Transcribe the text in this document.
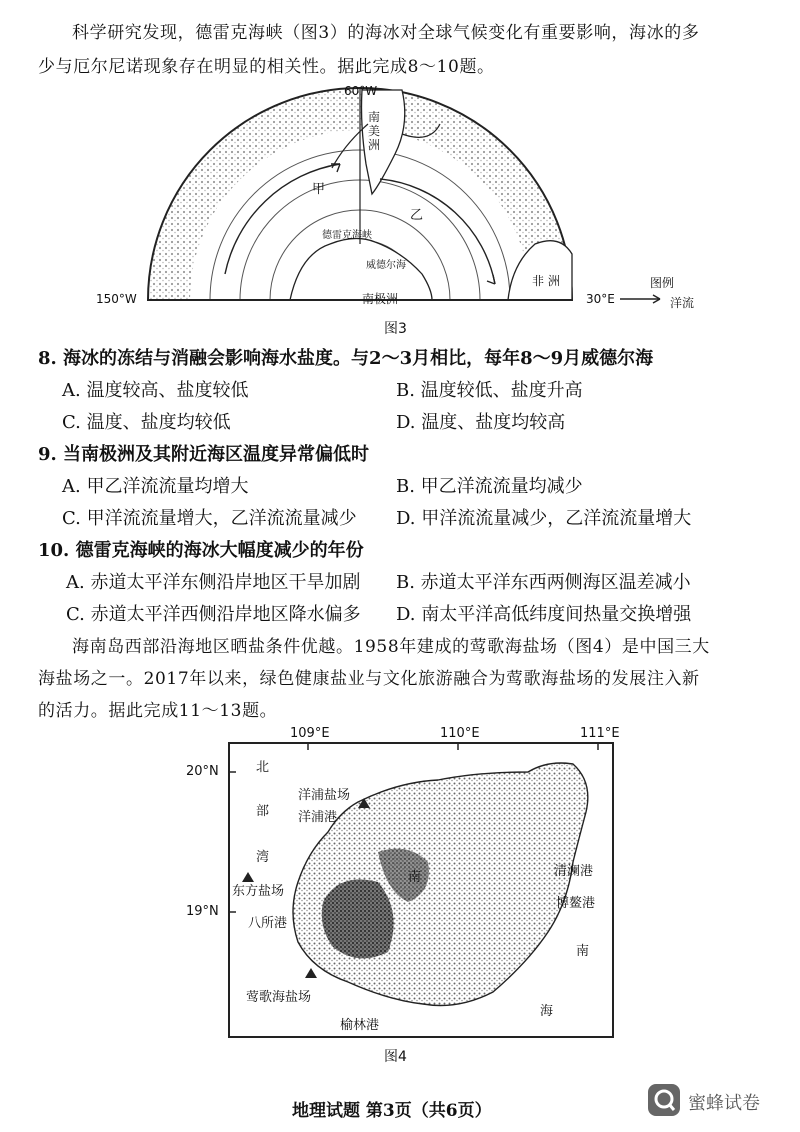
科学研究发现，德雷克海峡（图3）的海冰对全球气候变化有重要影响，海冰的多
少与厄尔尼诺现象存在明显的相关性。据此完成8～10题。
60°W
150°W	30°E
南美洲
非 洲
南极洲
甲
乙
德雷克海峡
威德尔海
图例
洋流
图3
8. 海冰的冻结与消融会影响海水盐度。与2～3月相比，每年8～9月威德尔海
A. 温度较高、盐度较低	B. 温度较低、盐度升高
C. 温度、盐度均较低	D. 温度、盐度均较高
9. 当南极洲及其附近海区温度异常偏低时
A. 甲乙洋流流量均增大	B. 甲乙洋流流量均减少
C. 甲洋流流量增大，乙洋流流量减少 D. 甲洋流流量减少，乙洋流流量增大
10. 德雷克海峡的海冰大幅度减少的年份
A. 赤道太平洋东侧沿岸地区干旱加剧 B. 赤道太平洋东西两侧海区温差减小
C. 赤道太平洋西侧沿岸地区降水偏多 D. 南太平洋高低纬度间热量交换增强
海南岛西部沿海地区晒盐条件优越。1958年建成的莺歌海盐场（图4）是中国三大
海盐场之一。2017年以来，绿色健康盐业与文化旅游融合为莺歌海盐场的发展注入新
的活力。据此完成11～13题。
109°E	110°E	111°E
20°N
19°N
北
部
湾
南
海
洋浦盐场
洋浦港
东方盐场
八所港
莺歌海盐场
榆林港
清澜港
博鳌港
南
图4
地理试题 第3页（共6页）	蜜蜂试卷
